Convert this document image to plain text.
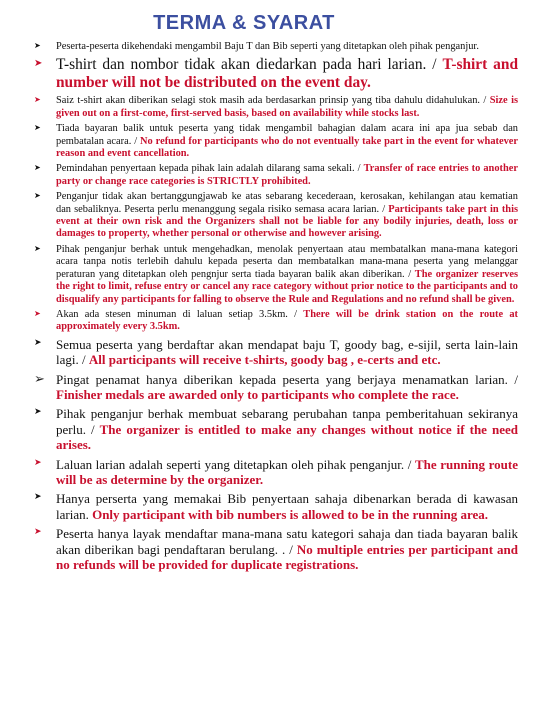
TERMA & SYARAT
➤ Peserta-peserta dikehendaki mengambil Baju T dan Bib seperti yang ditetapkan oleh pihak penganjur.
➤ T-shirt dan nombor tidak akan diedarkan pada hari larian. / T-shirt and number will not be distributed on the event day.
➤ Saiz t-shirt akan diberikan selagi stok masih ada berdasarkan prinsip yang tiba dahulu didahulukan. / Size is given out on a first-come, first-served basis, based on availability while stocks last.
➤ Tiada bayaran balik untuk peserta yang tidak mengambil bahagian dalam acara ini apa jua sebab dan pembatalan acara. / No refund for participants who do not eventually take part in the event for whatever reason and event cancellation.
➤ Pemindahan penyertaan kepada pihak lain adalah dilarang sama sekali. / Transfer of race entries to another party or change race categories is STRICTLY prohibited.
➤ Penganjur tidak akan bertanggungjawab ke atas sebarang kecederaan, kerosakan, kehilangan atau kematian dan sebaliknya. Peserta perlu menanggung segala risiko semasa acara larian. / Participants take part in this event at their own risk and the Organizers shall not be liable for any bodily injuries, death, loss or damages to property, whether personal or otherwise and however arising.
➤ Pihak penganjur berhak untuk mengehadkan, menolak penyertaan atau membatalkan mana-mana kategori acara tanpa notis terlebih dahulu kepada peserta dan membatalkan mana-mana peserta yang melanggar peraturan yang ditetapkan oleh pengnjur serta tiada bayaran balik akan diberikan. / The organizer reserves the right to limit, refuse entry or cancel any race category without prior notice to the participants and to disqualify any participants for falling to observe the Rule and Regulations and no refund shall be given.
➤ Akan ada stesen minuman di laluan setiap 3.5km. / There will be drink station on the route at approximately every 3.5km.
➤ Semua peserta yang berdaftar akan mendapat baju T, goody bag, e-sijil, serta lain-lain lagi. / All participants will receive t-shirts, goody bag , e-certs and etc.
➢ Pingat penamat hanya diberikan kepada peserta yang berjaya menamatkan larian. / Finisher medals are awarded only to participants who complete the race.
➤ Pihak penganjur berhak membuat sebarang perubahan tanpa pemberitahuan sekiranya perlu. / The organizer is entitled to make any changes without notice if the need arises.
➤ Laluan larian adalah seperti yang ditetapkan oleh pihak penganjur. / The running route will be as determine by the organizer.
➤ Hanya perserta yang memakai Bib penyertaan sahaja dibenarkan berada di kawasan larian. Only participant with bib numbers is allowed to be in the running area.
➤ Peserta hanya layak mendaftar mana-mana satu kategori sahaja dan tiada bayaran balik akan diberikan bagi pendaftaran berulang. . / No multiple entries per participant and no refunds will be provided for duplicate registrations.
